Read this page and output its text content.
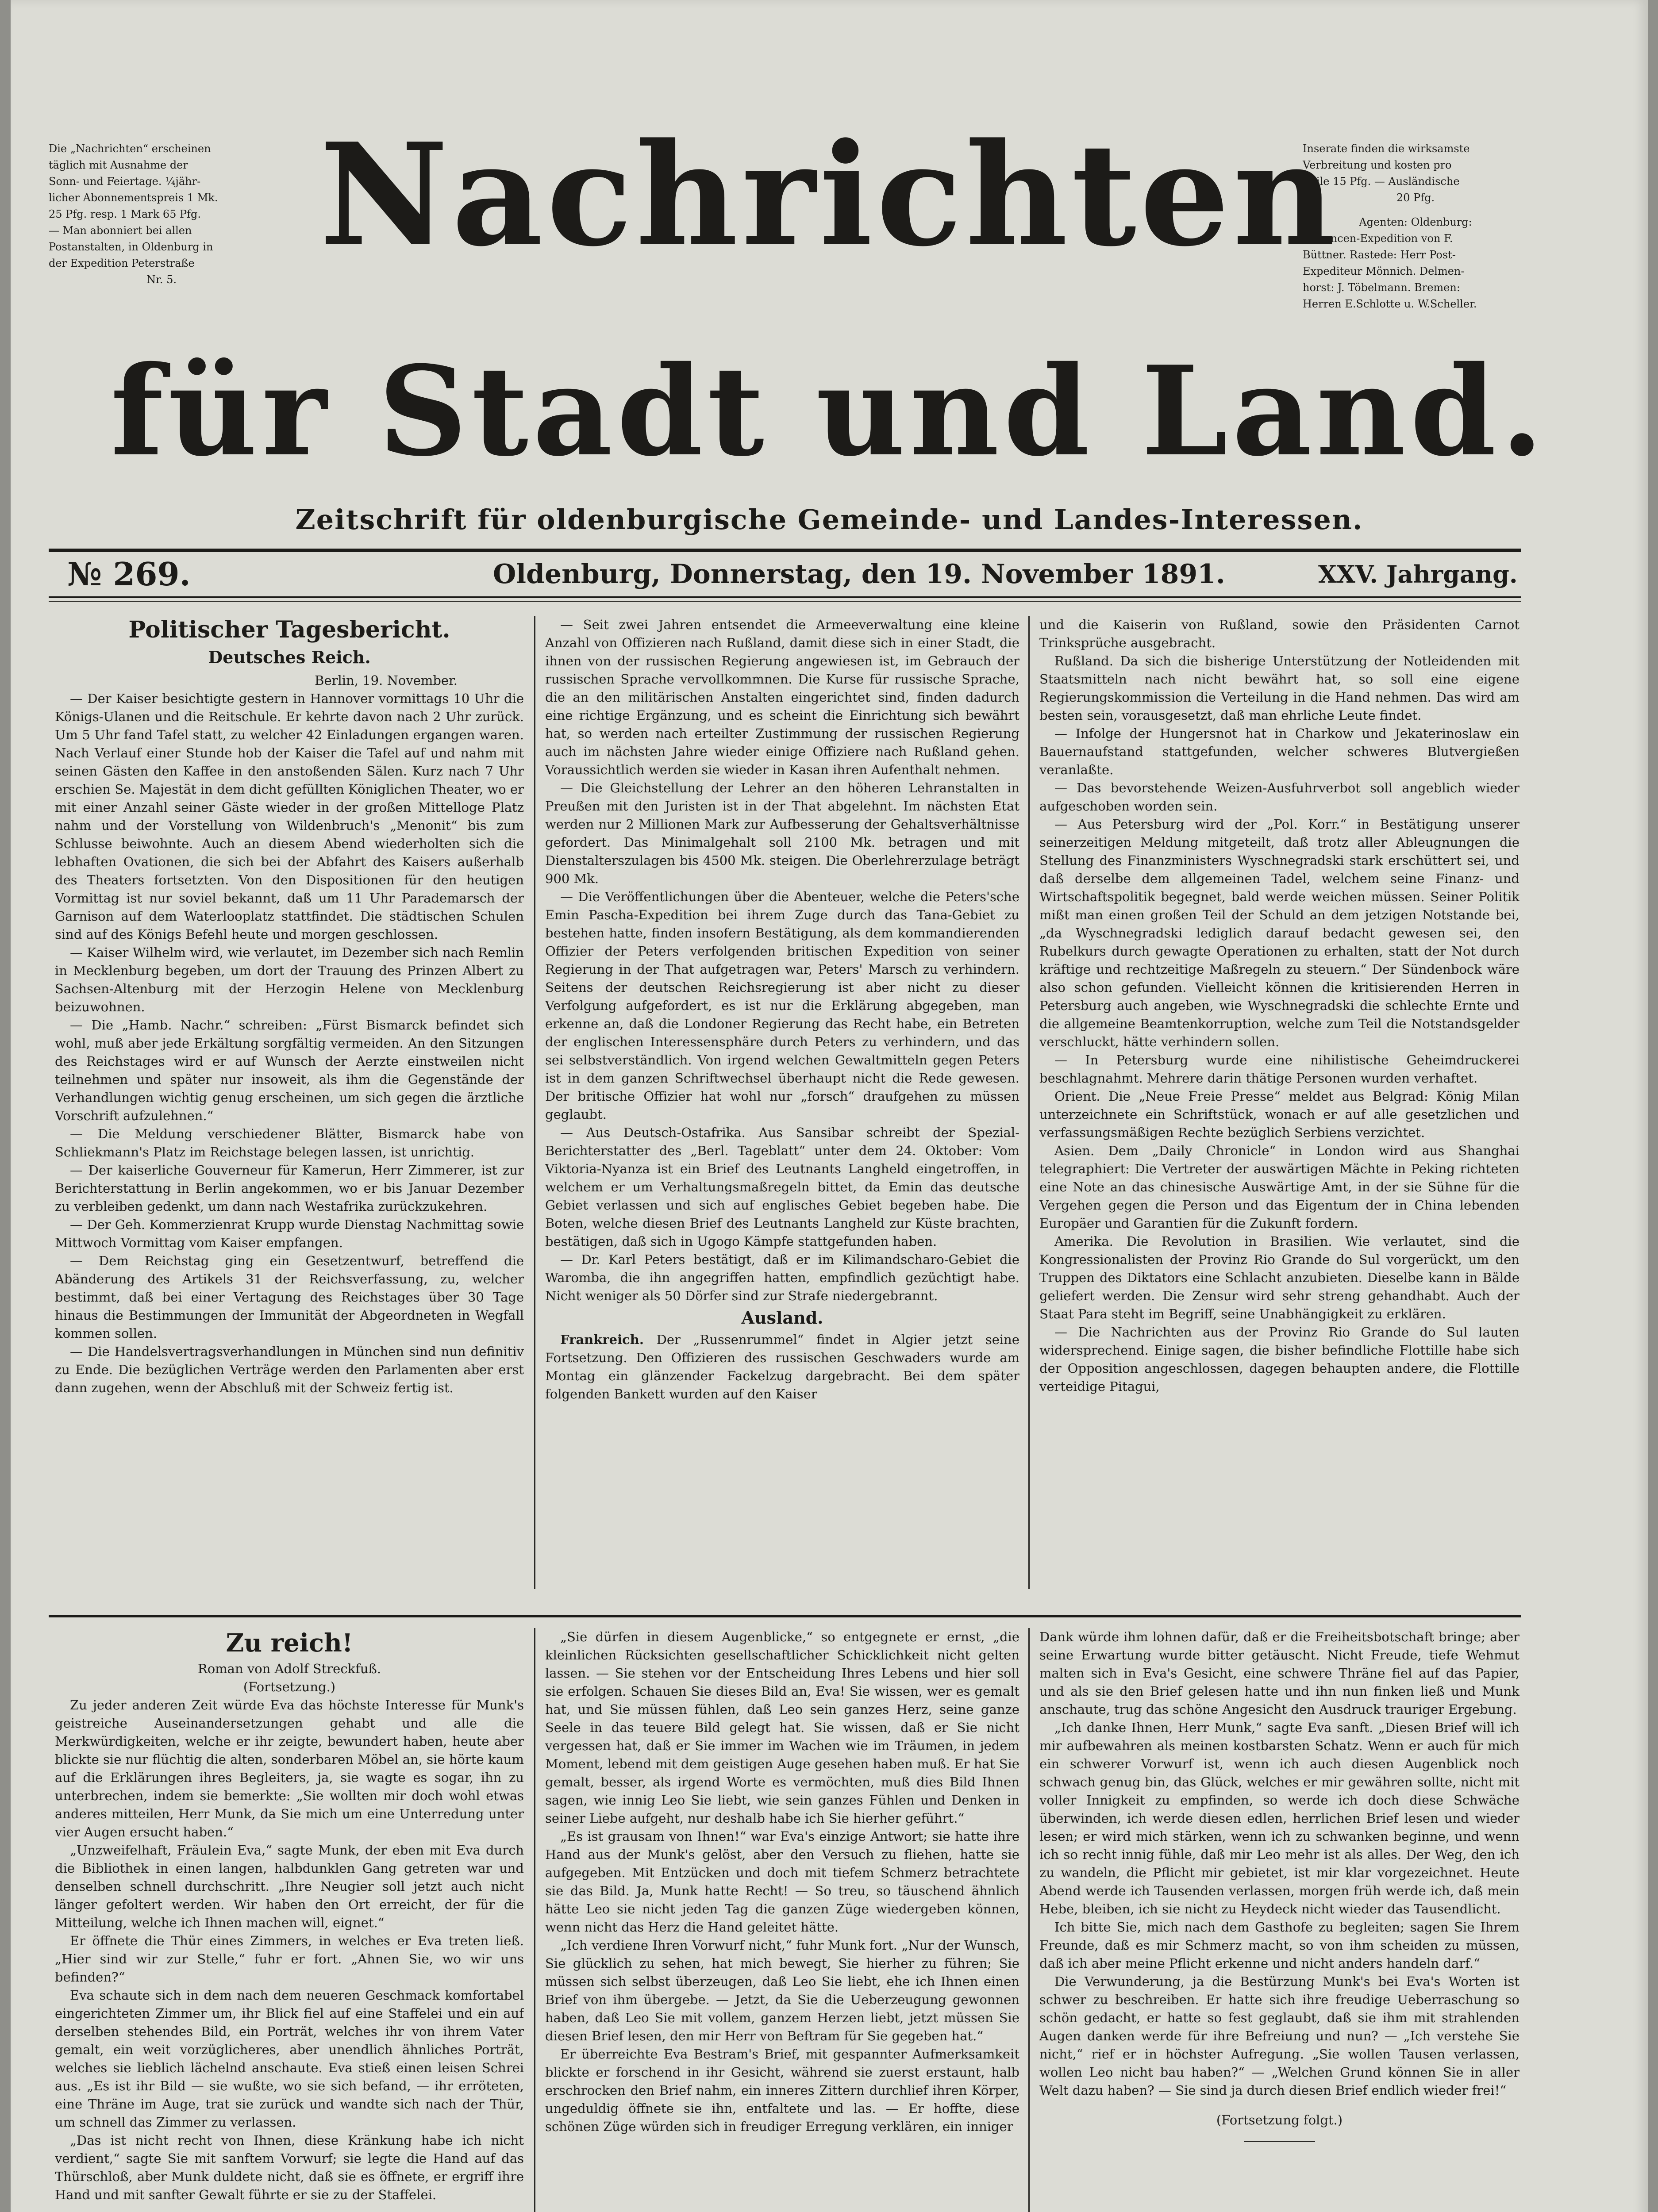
Die „Nachrichten“ erscheinen
täglich mit Ausnahme der
Sonn- und Feiertage. ¼jähr-
licher Abonnementspreis 1 Mk.
25 Pfg. resp. 1 Mark 65 Pfg.
— Man abonniert bei allen
Postanstalten, in Oldenburg in
der Expedition Peterstraße
Nr. 5.
Inserate finden die wirksamste
Verbreitung und kosten pro
Zeile 15 Pfg. — Ausländische
20 Pfg.
Agenten: Oldenburg:
Annoncen-Expedition von F.
Büttner. Rastede: Herr Post-
Expediteur Mönnich. Delmen-
horst: J. Töbelmann. Bremen:
Herren E.Schlotte u. W.Scheller.
Nachrichten
für Stadt und Land.
Zeitschrift für oldenburgische Gemeinde- und Landes-Interessen.
№ 269.	Oldenburg, Donnerstag, den 19. November 1891.	XXV. Jahrgang.
Politischer Tagesbericht.
Deutsches Reich.

Berlin, 19. November.

— Der Kaiser besichtigte gestern in Hannover vormittags 10 Uhr die Königs-Ulanen und die Reitschule. Er kehrte davon nach 2 Uhr zurück. Um 5 Uhr fand Tafel statt, zu welcher 42 Einladungen ergangen waren. Nach Verlauf einer Stunde hob der Kaiser die Tafel auf und nahm mit seinen Gästen den Kaffee in den anstoßenden Sälen. Kurz nach 7 Uhr erschien Se. Majestät in dem dicht gefüllten Königlichen Theater, wo er mit einer Anzahl seiner Gäste wieder in der großen Mittelloge Platz nahm und der Vorstellung von Wildenbruch's „Menonit“ bis zum Schlusse beiwohnte. Auch an diesem Abend wiederholten sich die lebhaften Ovationen, die sich bei der Abfahrt des Kaisers außerhalb des Theaters fortsetzten. Von den Dispositionen für den heutigen Vormittag ist nur soviel bekannt, daß um 11 Uhr Parademarsch der Garnison auf dem Waterlooplatz stattfindet. Die städtischen Schulen sind auf des Königs Befehl heute und morgen geschlossen.

— Kaiser Wilhelm wird, wie verlautet, im Dezember sich nach Remlin in Mecklenburg begeben, um dort der Trauung des Prinzen Albert zu Sachsen-Altenburg mit der Herzogin Helene von Mecklenburg beizuwohnen.

— Die „Hamb. Nachr.“ schreiben: „Fürst Bismarck befindet sich wohl, muß aber jede Erkältung sorgfältig vermeiden. An den Sitzungen des Reichstages wird er auf Wunsch der Aerzte einstweilen nicht teilnehmen und später nur insoweit, als ihm die Gegenstände der Verhandlungen wichtig genug erscheinen, um sich gegen die ärztliche Vorschrift aufzulehnen.“

— Die Meldung verschiedener Blätter, Bismarck habe von Schliekmann's Platz im Reichstage belegen lassen, ist unrichtig.

— Der kaiserliche Gouverneur für Kamerun, Herr Zimmerer, ist zur Berichterstattung in Berlin angekommen, wo er bis Januar Dezember zu verbleiben gedenkt, um dann nach Westafrika zurückzukehren.

— Der Geh. Kommerzienrat Krupp wurde Dienstag Nachmittag sowie Mittwoch Vormittag vom Kaiser empfangen.

— Dem Reichstag ging ein Gesetzentwurf, betreffend die Abänderung des Artikels 31 der Reichsverfassung, zu, welcher bestimmt, daß bei einer Vertagung des Reichstages über 30 Tage hinaus die Bestimmungen der Immunität der Abgeordneten in Wegfall kommen sollen.

— Die Handelsvertragsverhandlungen in München sind nun definitiv zu Ende. Die bezüglichen Verträge werden den Parlamenten aber erst dann zugehen, wenn der Abschluß mit der Schweiz fertig ist.

— Seit zwei Jahren entsendet die Armeeverwaltung eine kleine Anzahl von Offizieren nach Rußland, damit diese sich in einer Stadt, die ihnen von der russischen Regierung angewiesen ist, im Gebrauch der russischen Sprache vervollkommnen. Die Kurse für russische Sprache, die an den militärischen Anstalten eingerichtet sind, finden dadurch eine richtige Ergänzung, und es scheint die Einrichtung sich bewährt hat, so werden nach erteilter Zustimmung der russischen Regierung auch im nächsten Jahre wieder einige Offiziere nach Rußland gehen. Voraussichtlich werden sie wieder in Kasan ihren Aufenthalt nehmen.

— Die Gleichstellung der Lehrer an den höheren Lehranstalten in Preußen mit den Juristen ist in der That abgelehnt. Im nächsten Etat werden nur 2 Millionen Mark zur Aufbesserung der Gehaltsverhältnisse gefordert. Das Minimalgehalt soll 2100 Mk. betragen und mit Dienstalterszulagen bis 4500 Mk. steigen. Die Oberlehrerzulage beträgt 900 Mk.

— Die Veröffentlichungen über die Abenteuer, welche die Peters'sche Emin Pascha-Expedition bei ihrem Zuge durch das Tana-Gebiet zu bestehen hatte, finden insofern Bestätigung, als dem kommandierenden Offizier der Peters verfolgenden britischen Expedition von seiner Regierung in der That aufgetragen war, Peters' Marsch zu verhindern. Seitens der deutschen Reichsregierung ist aber nicht zu dieser Verfolgung aufgefordert, es ist nur die Erklärung abgegeben, man erkenne an, daß die Londoner Regierung das Recht habe, ein Betreten der englischen Interessensphäre durch Peters zu verhindern, und das sei selbstverständlich. Von irgend welchen Gewaltmitteln gegen Peters ist in dem ganzen Schriftwechsel überhaupt nicht die Rede gewesen. Der britische Offizier hat wohl nur „forsch“ draufgehen zu müssen geglaubt.

— Aus Deutsch-Ostafrika. Aus Sansibar schreibt der Spezial-Berichterstatter des „Berl. Tageblatt“ unter dem 24. Oktober: Vom Viktoria-Nyanza ist ein Brief des Leutnants Langheld eingetroffen, in welchem er um Verhaltungsmaßregeln bittet, da Emin das deutsche Gebiet verlassen und sich auf englisches Gebiet begeben habe. Die Boten, welche diesen Brief des Leutnants Langheld zur Küste brachten, bestätigen, daß sich in Ugogo Kämpfe stattgefunden haben.

— Dr. Karl Peters bestätigt, daß er im Kilimandscharo-Gebiet die Waromba, die ihn angegriffen hatten, empfindlich gezüchtigt habe. Nicht weniger als 50 Dörfer sind zur Strafe niedergebrannt.

Ausland.

Frankreich. Der „Russenrummel“ findet in Algier jetzt seine Fortsetzung. Den Offizieren des russischen Geschwaders wurde am Montag ein glänzender Fackelzug dargebracht. Bei dem später folgenden Bankett wurden auf den Kaiser

und die Kaiserin von Rußland, sowie den Präsidenten Carnot Trinksprüche ausgebracht.

Rußland. Da sich die bisherige Unterstützung der Notleidenden mit Staatsmitteln nach nicht bewährt hat, so soll eine eigene Regierungskommission die Verteilung in die Hand nehmen. Das wird am besten sein, vorausgesetzt, daß man ehrliche Leute findet.

— Infolge der Hungersnot hat in Charkow und Jekaterinoslaw ein Bauernaufstand stattgefunden, welcher schweres Blutvergießen veranlaßte.

— Das bevorstehende Weizen-Ausfuhrverbot soll angeblich wieder aufgeschoben worden sein.

— Aus Petersburg wird der „Pol. Korr.“ in Bestätigung unserer seinerzeitigen Meldung mitgeteilt, daß trotz aller Ableugnungen die Stellung des Finanzministers Wyschnegradski stark erschüttert sei, und daß derselbe dem allgemeinen Tadel, welchem seine Finanz- und Wirtschaftspolitik begegnet, bald werde weichen müssen. Seiner Politik mißt man einen großen Teil der Schuld an dem jetzigen Notstande bei, „da Wyschnegradski lediglich darauf bedacht gewesen sei, den Rubelkurs durch gewagte Operationen zu erhalten, statt der Not durch kräftige und rechtzeitige Maßregeln zu steuern.“ Der Sündenbock wäre also schon gefunden. Vielleicht können die kritisierenden Herren in Petersburg auch angeben, wie Wyschnegradski die schlechte Ernte und die allgemeine Beamtenkorruption, welche zum Teil die Notstandsgelder verschluckt, hätte verhindern sollen.

— In Petersburg wurde eine nihilistische Geheimdruckerei beschlagnahmt. Mehrere darin thätige Personen wurden verhaftet.

Orient. Die „Neue Freie Presse“ meldet aus Belgrad: König Milan unterzeichnete ein Schriftstück, wonach er auf alle gesetzlichen und verfassungsmäßigen Rechte bezüglich Serbiens verzichtet.

Asien. Dem „Daily Chronicle“ in London wird aus Shanghai telegraphiert: Die Vertreter der auswärtigen Mächte in Peking richteten eine Note an das chinesische Auswärtige Amt, in der sie Sühne für die Vergehen gegen die Person und das Eigentum der in China lebenden Europäer und Garantien für die Zukunft fordern.

Amerika. Die Revolution in Brasilien. Wie verlautet, sind die Kongressionalisten der Provinz Rio Grande do Sul vorgerückt, um den Truppen des Diktators eine Schlacht anzubieten. Dieselbe kann in Bälde geliefert werden. Die Zensur wird sehr streng gehandhabt. Auch der Staat Para steht im Begriff, seine Unabhängigkeit zu erklären.

— Die Nachrichten aus der Provinz Rio Grande do Sul lauten widersprechend. Einige sagen, die bisher befindliche Flottille habe sich der Opposition angeschlossen, dagegen behaupten andere, die Flottille verteidige Pitagui,

Zu reich!

Roman von Adolf Streckfuß.

(Fortsetzung.)

Zu jeder anderen Zeit würde Eva das höchste Interesse für Munk's geistreiche Auseinandersetzungen gehabt und alle die Merkwürdigkeiten, welche er ihr zeigte, bewundert haben, heute aber blickte sie nur flüchtig die alten, sonderbaren Möbel an, sie hörte kaum auf die Erklärungen ihres Begleiters, ja, sie wagte es sogar, ihn zu unterbrechen, indem sie bemerkte: „Sie wollten mir doch wohl etwas anderes mitteilen, Herr Munk, da Sie mich um eine Unterredung unter vier Augen ersucht haben.“

„Unzweifelhaft, Fräulein Eva,“ sagte Munk, der eben mit Eva durch die Bibliothek in einen langen, halbdunklen Gang getreten war und denselben schnell durchschritt. „Ihre Neugier soll jetzt auch nicht länger gefoltert werden. Wir haben den Ort erreicht, der für die Mitteilung, welche ich Ihnen machen will, eignet.“

Er öffnete die Thür eines Zimmers, in welches er Eva treten ließ. „Hier sind wir zur Stelle,“ fuhr er fort. „Ahnen Sie, wo wir uns befinden?“

Eva schaute sich in dem nach dem neueren Geschmack komfortabel eingerichteten Zimmer um, ihr Blick fiel auf eine Staffelei und ein auf derselben stehendes Bild, ein Porträt, welches ihr von ihrem Vater gemalt, ein weit vorzüglicheres, aber unendlich ähnliches Porträt, welches sie lieblich lächelnd anschaute. Eva stieß einen leisen Schrei aus. „Es ist ihr Bild — sie wußte, wo sie sich befand, — ihr erröteten, eine Thräne im Auge, trat sie zurück und wandte sich nach der Thür, um schnell das Zimmer zu verlassen.

„Das ist nicht recht von Ihnen, diese Kränkung habe ich nicht verdient,“ sagte Sie mit sanftem Vorwurf; sie legte die Hand auf das Thürschloß, aber Munk duldete nicht, daß sie es öffnete, er ergriff ihre Hand und mit sanfter Gewalt führte er sie zu der Staffelei.

„Sie dürfen in diesem Augenblicke,“ so entgegnete er ernst, „die kleinlichen Rücksichten gesellschaftlicher Schicklichkeit nicht gelten lassen. — Sie stehen vor der Entscheidung Ihres Lebens und hier soll sie erfolgen. Schauen Sie dieses Bild an, Eva! Sie wissen, wer es gemalt hat, und Sie müssen fühlen, daß Leo sein ganzes Herz, seine ganze Seele in das teuere Bild gelegt hat. Sie wissen, daß er Sie nicht vergessen hat, daß er Sie immer im Wachen wie im Träumen, in jedem Moment, lebend mit dem geistigen Auge gesehen haben muß. Er hat Sie gemalt, besser, als irgend Worte es vermöchten, muß dies Bild Ihnen sagen, wie innig Leo Sie liebt, wie sein ganzes Fühlen und Denken in seiner Liebe aufgeht, nur deshalb habe ich Sie hierher geführt.“

„Es ist grausam von Ihnen!“ war Eva's einzige Antwort; sie hatte ihre Hand aus der Munk's gelöst, aber den Versuch zu fliehen, hatte sie aufgegeben. Mit Entzücken und doch mit tiefem Schmerz betrachtete sie das Bild. Ja, Munk hatte Recht! — So treu, so täuschend ähnlich hätte Leo sie nicht jeden Tag die ganzen Züge wiedergeben können, wenn nicht das Herz die Hand geleitet hätte.

„Ich verdiene Ihren Vorwurf nicht,“ fuhr Munk fort. „Nur der Wunsch, Sie glücklich zu sehen, hat mich bewegt, Sie hierher zu führen; Sie müssen sich selbst überzeugen, daß Leo Sie liebt, ehe ich Ihnen einen Brief von ihm übergebe. — Jetzt, da Sie die Ueberzeugung gewonnen haben, daß Leo Sie mit vollem, ganzem Herzen liebt, jetzt müssen Sie diesen Brief lesen, den mir Herr von Beftram für Sie gegeben hat.“

Er überreichte Eva Bestram's Brief, mit gespannter Aufmerksamkeit blickte er forschend in ihr Gesicht, während sie zuerst erstaunt, halb erschrocken den Brief nahm, ein inneres Zittern durchlief ihren Körper, ungeduldig öffnete sie ihn, entfaltete und las. — Er hoffte, diese schönen Züge würden sich in freudiger Erregung verklären, ein inniger

Dank würde ihm lohnen dafür, daß er die Freiheitsbotschaft bringe; aber seine Erwartung wurde bitter getäuscht. Nicht Freude, tiefe Wehmut malten sich in Eva's Gesicht, eine schwere Thräne fiel auf das Papier, und als sie den Brief gelesen hatte und ihn nun finken ließ und Munk anschaute, trug das schöne Angesicht den Ausdruck trauriger Ergebung.

„Ich danke Ihnen, Herr Munk,“ sagte Eva sanft. „Diesen Brief will ich mir aufbewahren als meinen kostbarsten Schatz. Wenn er auch für mich ein schwerer Vorwurf ist, wenn ich auch diesen Augenblick noch schwach genug bin, das Glück, welches er mir gewähren sollte, nicht mit voller Innigkeit zu empfinden, so werde ich doch diese Schwäche überwinden, ich werde diesen edlen, herrlichen Brief lesen und wieder lesen; er wird mich stärken, wenn ich zu schwanken beginne, und wenn ich so recht innig fühle, daß mir Leo mehr ist als alles. Der Weg, den ich zu wandeln, die Pflicht mir gebietet, ist mir klar vorgezeichnet. Heute Abend werde ich Tausenden verlassen, morgen früh werde ich, daß mein Hebe, bleiben, ich sie nicht zu Heydeck nicht wieder das Tausendlicht.

Ich bitte Sie, mich nach dem Gasthofe zu begleiten; sagen Sie Ihrem Freunde, daß es mir Schmerz macht, so von ihm scheiden zu müssen, daß ich aber meine Pflicht erkenne und nicht anders handeln darf.“

Die Verwunderung, ja die Bestürzung Munk's bei Eva's Worten ist schwer zu beschreiben. Er hatte sich ihre freudige Ueberraschung so schön gedacht, er hatte so fest geglaubt, daß sie ihm mit strahlenden Augen danken werde für ihre Befreiung und nun? — „Ich verstehe Sie nicht,“ rief er in höchster Aufregung. „Sie wollen Tausen verlassen, wollen Leo nicht bau haben?“ — „Welchen Grund können Sie in aller Welt dazu haben? — Sie sind ja durch diesen Brief endlich wieder frei!“

(Fortsetzung folgt.)
